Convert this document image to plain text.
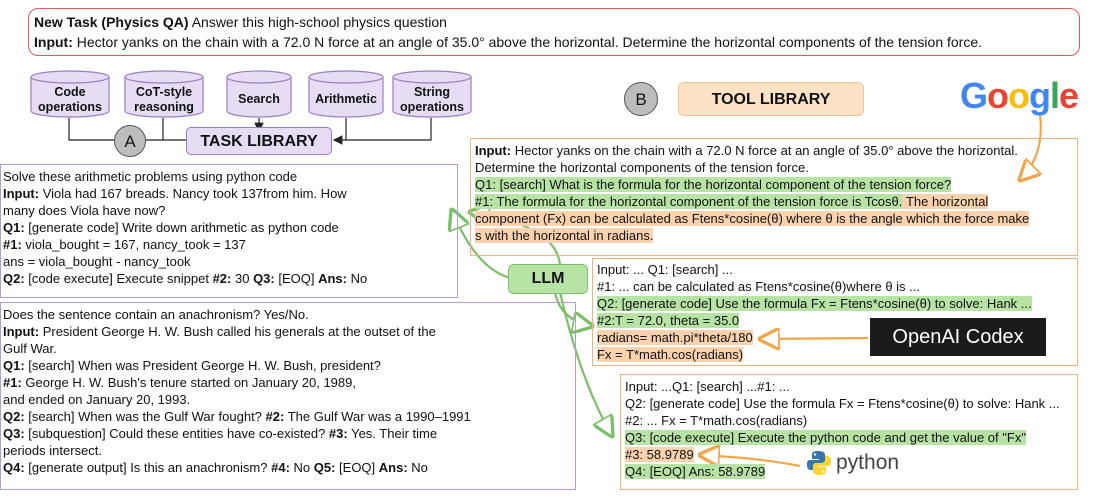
New Task (Physics QA) Answer this high-school physics question
Input: Hector yanks on the chain with a 72.0 N force at an angle of 35.0° above the horizontal. Determine the horizontal components of the tension force.
Code operations
CoT-style reasoning
Search	Arithmetic	String operations
A	TASK LIBRARY
B	TOOL LIBRARY	Google
Solve these arithmetic problems using python code
Input: Viola had 167 breads. Nancy took 137from him. How
many does Viola have now?
Q1: [generate code] Write down arithmetic as python code
#1: viola_bought = 167, nancy_took = 137
ans = viola_bought - nancy_took
Q2: [code execute] Execute snippet #2: 30 Q3: [EOQ] Ans: No
Does the sentence contain an anachronism? Yes/No.
Input: President George H. W. Bush called his generals at the outset of the
Gulf War.
Q1: [search] When was President George H. W. Bush, president?
#1: George H. W. Bush's tenure started on January 20, 1989,
and ended on January 20, 1993.
Q2: [search] When was the Gulf War fought? #2: The Gulf War was a 1990–1991
Q3: [subquestion] Could these entities have co-existed? #3: Yes. Their time
periods intersect.
Q4: [generate output] Is this an anachronism? #4: No Q5: [EOQ] Ans: No
Input: Hector yanks on the chain with a 72.0 N force at an angle of 35.0° above the horizontal.
Determine the horizontal components of the tension force.
Q1: [search] What is the formula for the horizontal component of the tension force?
#1: The formula for the horizontal component of the tension force is Tcosθ. The horizontal
component (Fx) can be calculated as Ftens*cosine(θ) where θ is the angle which the force make
s with the horizontal in radians.
LLM
Input: ... Q1: [search] ...
#1: ... can be calculated as Ftens*cosine(θ)where θ is ...
Q2: [generate code] Use the formula Fx = Ftens*cosine(θ) to solve: Hank ...
#2:T = 72.0, theta = 35.0
radians= math.pi*theta/180
Fx = T*math.cos(radians)
OpenAI Codex
Input: ...Q1: [search] ...#1: ...
Q2: [generate code] Use the formula Fx = Ftens*cosine(θ) to solve: Hank ...
#2: ... Fx = T*math.cos(radians)
Q3: [code execute] Execute the python code and get the value of "Fx"
#3: 58.9789
Q4: [EOQ] Ans: 58.9789	python
